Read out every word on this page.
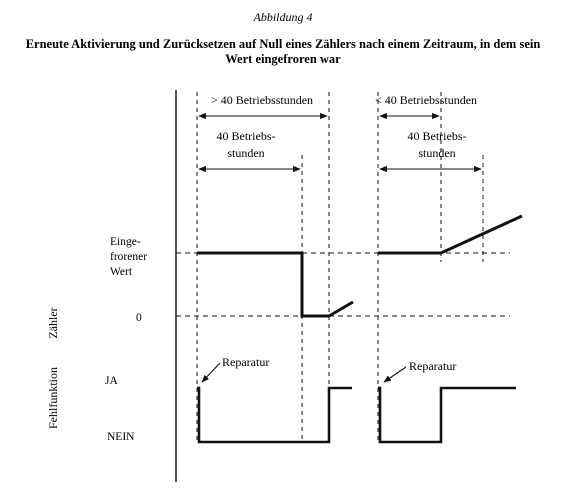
Abbildung 4
Erneute Aktivierung und Zurücksetzen auf Null eines Zählers nach einem Zeitraum, in dem sein
Wert eingefroren war
Zähler
Fehlfunktion
Einge-
frorener
Wert
0
JA
NEIN
> 40 Betriebsstunden
40 Betriebs-
stunden
< 40 Betriebsstunden
40 Betriebs-
stunden
Reparatur	Reparatur
